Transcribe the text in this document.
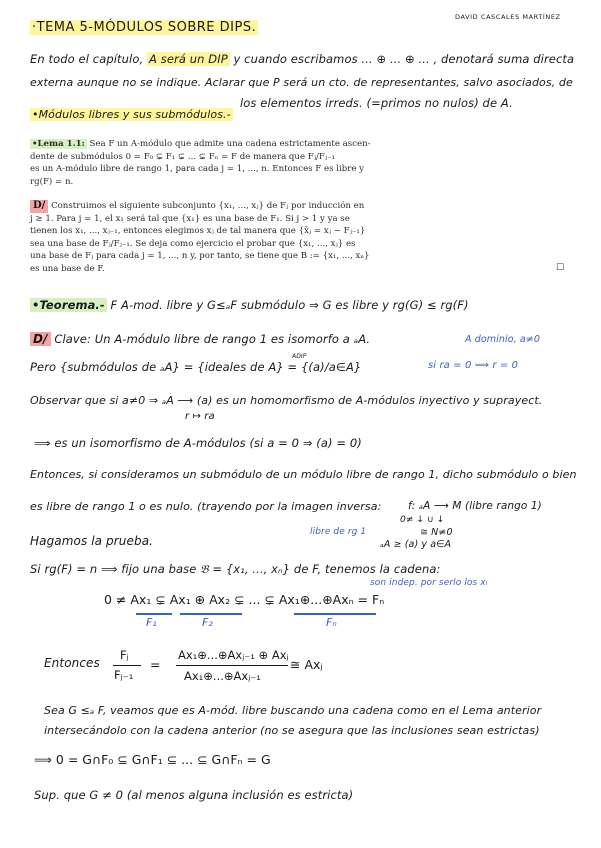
·TEMA 5-MÓDULOS SOBRE DIPS.
DAVID CASCALES MARTÍNEZ
En todo el capítulo, A será un DIP y cuando escribamos ... ⊕ ... ⊕ ... , denotará suma directa
externa aunque no se indique. Aclarar que P será un cto. de representantes, salvo asociados, de
los elementos irreds. (=primos no nulos) de A.
•Módulos libres y sus submódulos.-
•Lema 1.1: Sea F un A-módulo que admite una cadena estrictamente ascen-
dente de submódulos 0 = F₀ ⊊ F₁ ⊊ ... ⊊ Fₙ = F de manera que Fⱼ/Fⱼ₋₁
es un A-módulo libre de rango 1, para cada j = 1, ..., n. Entonces F es libre y
rg(F) = n.
D/ Construimos el siguiente subconjunto {x₁, ..., xⱼ} de Fⱼ por inducción en
j ≥ 1. Para j = 1, el x₁ será tal que {x₁} es una base de F₁. Si j > 1 y ya se
tienen los x₁, ..., xⱼ₋₁, entonces elegimos xⱼ de tal manera que {x̄ⱼ = xⱼ − Fⱼ₋₁}
sea una base de Fⱼ/Fⱼ₋₁. Se deja como ejercicio el probar que {x₁, ..., xⱼ} es
una base de Fⱼ para cada j = 1, ..., n y, por tanto, se tiene que B := {x₁, ..., xₙ}
es una base de F.	□
•Teorema.- F A-mod. libre y G≤ₐF submódulo ⇒ G es libre y rg(G) ≤ rg(F)
D/ Clave: Un A-módulo libre de rango 1 es isomorfo a ₐA.	A dominio, a≠0
si ra = 0 ⟹ r = 0
Pero {submódulos de ₐA} = {ideales de A} = {(a)/a∈A}
ADIP
Observar que si a≠0 ⇒ ₐA ⟶ (a) es un homomorfismo de A-módulos inyectivo y suprayect.
r ↦ ra
⟹ es un isomorfismo de A-módulos (si a = 0 ⇒ (a) = 0)
Entonces, si consideramos un submódulo de un módulo libre de rango 1, dicho submódulo o bien
es libre de rango 1 o es nulo. (trayendo por la imagen inversa:	f: ₐA ⟶ M (libre rango 1)
0≠ ↓ ∪ ↓
≅ N≠0
ₐA ≥ (a) y a∈A
libre de rg 1
Hagamos la prueba.
Si rg(F) = n ⟹ fijo una base 𝔅 = {x₁, ..., xₙ} de F, tenemos la cadena:
son indep. por serlo los xᵢ
0 ≠ Ax₁ ⊊ Ax₁ ⊕ Ax₂ ⊊ ... ⊊ Ax₁⊕...⊕Axₙ = Fₙ
F₁	F₂	Fₙ
Entonces
Fⱼ
Fⱼ₋₁
=
Ax₁⊕...⊕Axⱼ₋₁ ⊕ Axⱼ
Ax₁⊕...⊕Axⱼ₋₁
≅ Axⱼ
Sea G ≤ₐ F, veamos que es A-mód. libre buscando una cadena como en el Lema anterior
intersecándolo con la cadena anterior (no se asegura que las inclusiones sean estrictas)
⟹ 0 = G∩F₀ ⊆ G∩F₁ ⊆ ... ⊆ G∩Fₙ = G
Sup. que G ≠ 0 (al menos alguna inclusión es estricta)
